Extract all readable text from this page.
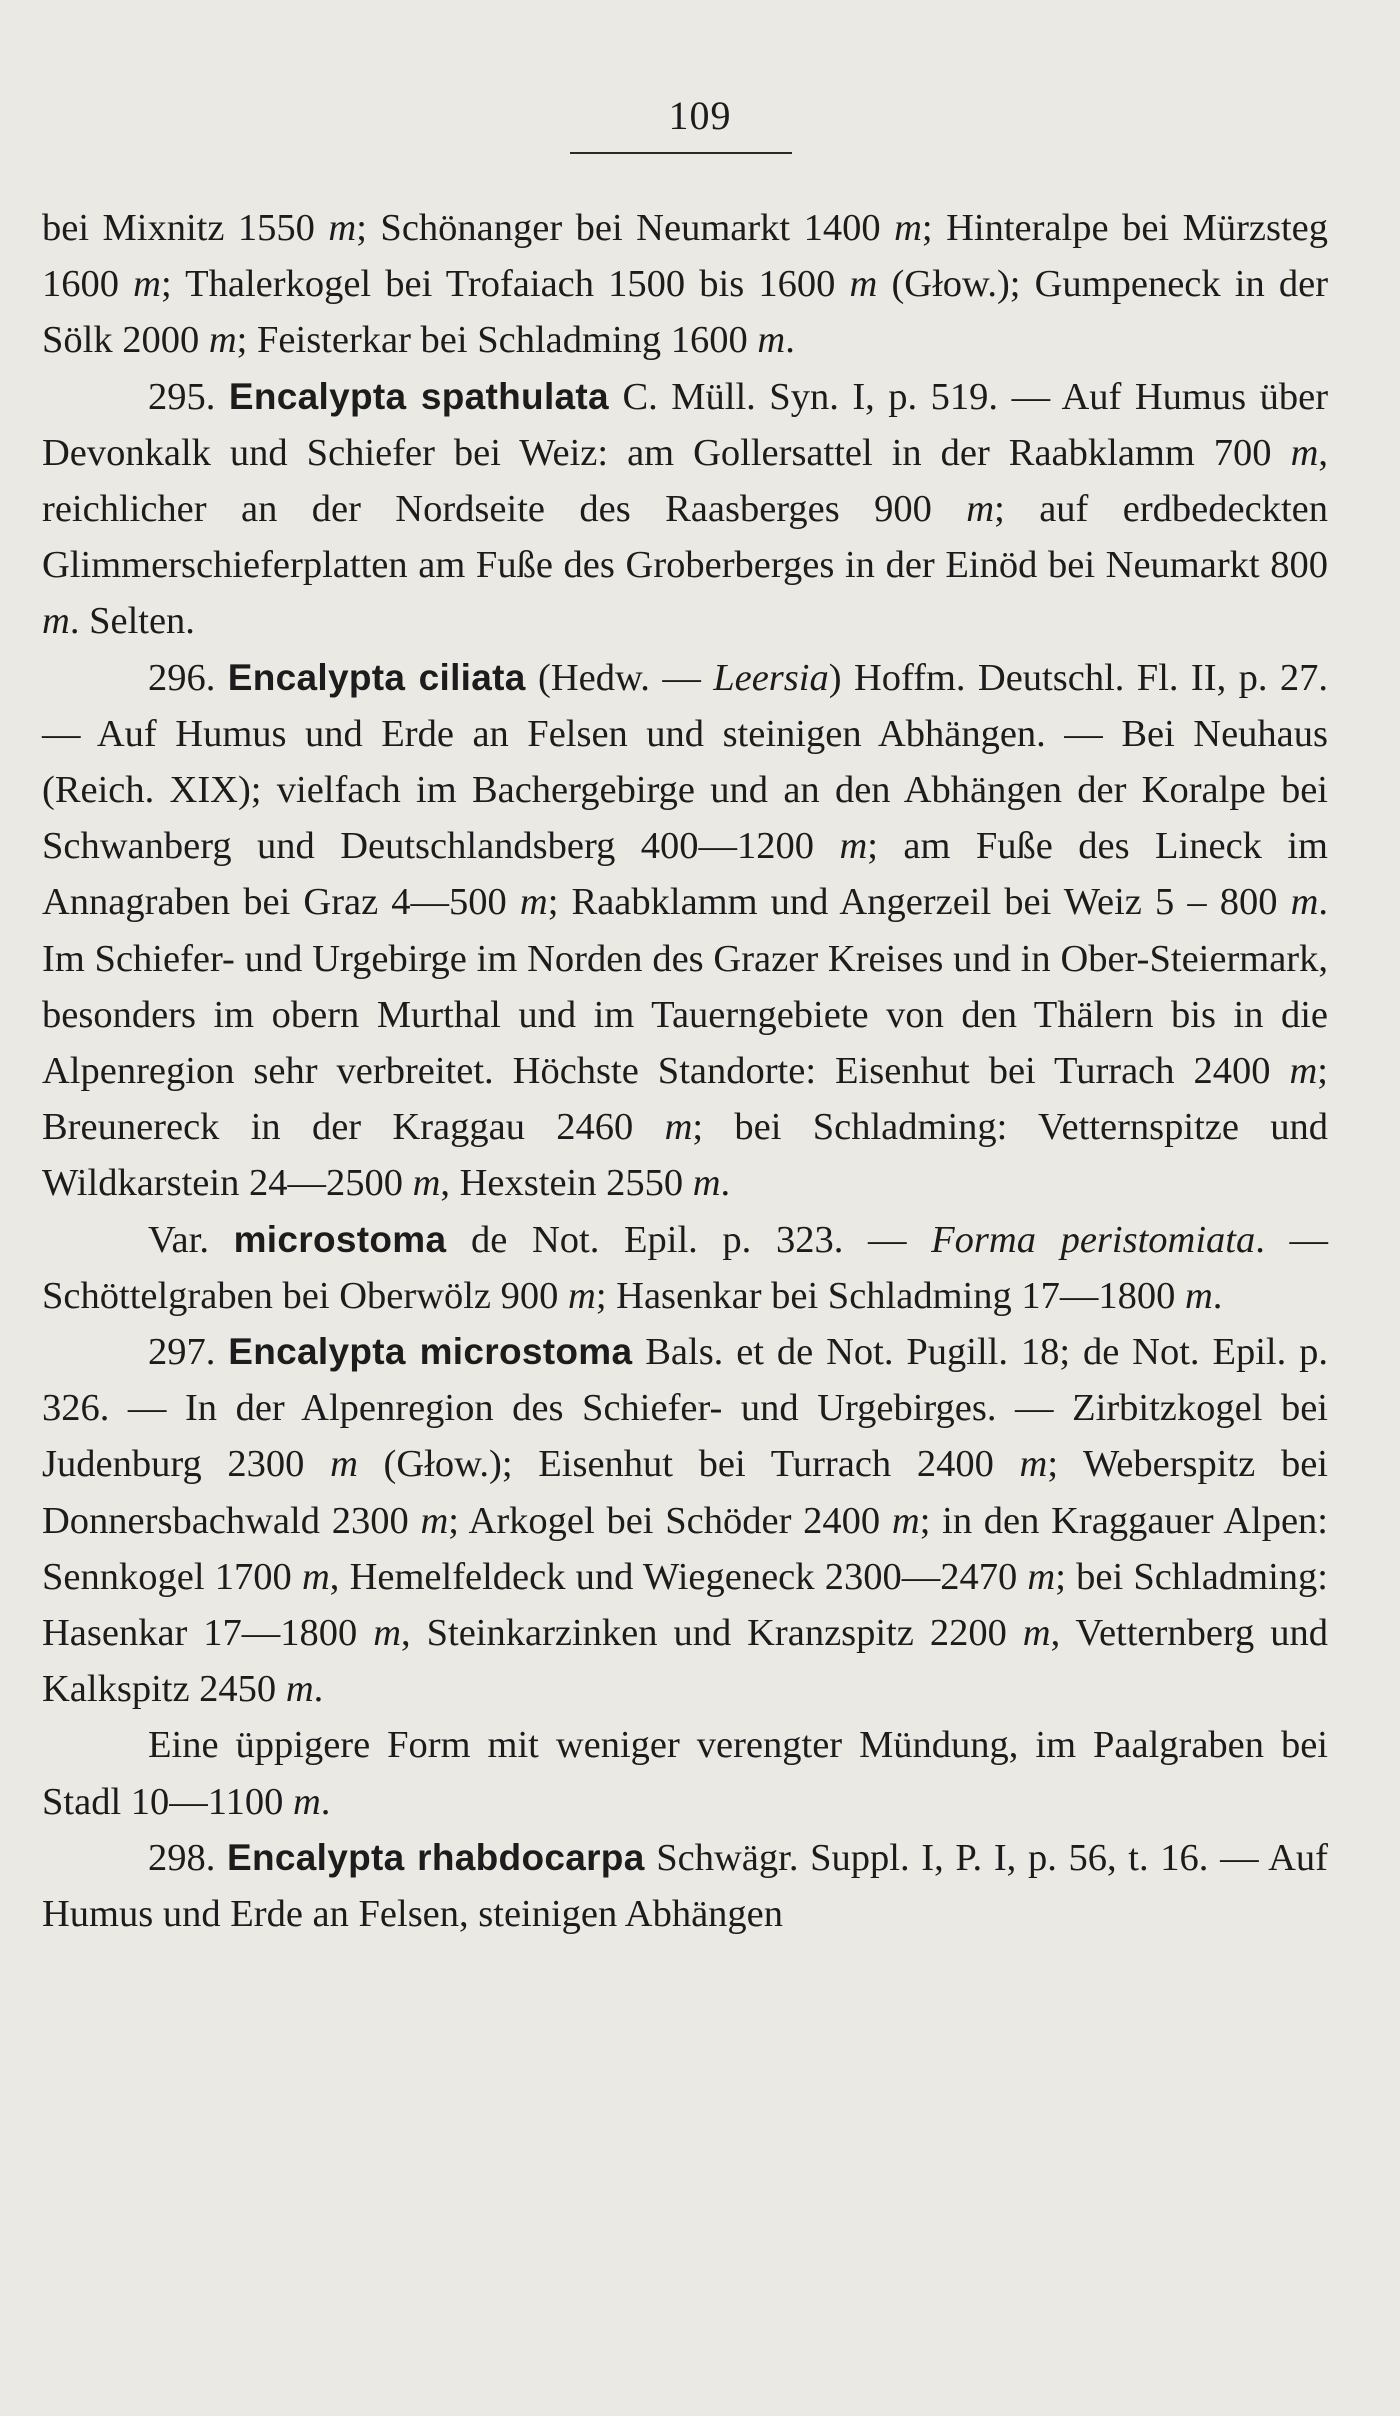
109

bei Mixnitz 1550 m; Schönanger bei Neumarkt 1400 m; Hinteralpe bei Mürzsteg 1600 m; Thalerkogel bei Trofaiach 1500 bis 1600 m (Głow.); Gumpeneck in der Sölk 2000 m; Feisterkar bei Schladming 1600 m.

295. Encalypta spathulata C. Müll. Syn. I, p. 519. — Auf Humus über Devonkalk und Schiefer bei Weiz: am Gollersattel in der Raabklamm 700 m, reichlicher an der Nordseite des Raasberges 900 m; auf erdbedeckten Glimmerschieferplatten am Fuße des Groberberges in der Einöd bei Neumarkt 800 m. Selten.

296. Encalypta ciliata (Hedw. — Leersia) Hoffm. Deutschl. Fl. II, p. 27. — Auf Humus und Erde an Felsen und steinigen Abhängen. — Bei Neuhaus (Reich. XIX); vielfach im Bachergebirge und an den Abhängen der Koralpe bei Schwanberg und Deutschlandsberg 400—1200 m; am Fuße des Lineck im Annagraben bei Graz 4—500 m; Raabklamm und Angerzeil bei Weiz 5 – 800 m. Im Schiefer- und Urgebirge im Norden des Grazer Kreises und in Ober-Steiermark, besonders im obern Murthal und im Tauerngebiete von den Thälern bis in die Alpenregion sehr verbreitet. Höchste Standorte: Eisenhut bei Turrach 2400 m; Breunereck in der Kraggau 2460 m; bei Schladming: Vetternspitze und Wildkarstein 24—2500 m, Hexstein 2550 m.

Var. microstoma de Not. Epil. p. 323. — Forma peristomiata. — Schöttelgraben bei Oberwölz 900 m; Hasenkar bei Schladming 17—1800 m.

297. Encalypta microstoma Bals. et de Not. Pugill. 18; de Not. Epil. p. 326. — In der Alpenregion des Schiefer- und Urgebirges. — Zirbitzkogel bei Judenburg 2300 m (Głow.); Eisenhut bei Turrach 2400 m; Weberspitz bei Donnersbachwald 2300 m; Arkogel bei Schöder 2400 m; in den Kraggauer Alpen: Sennkogel 1700 m, Hemelfeldeck und Wiegeneck 2300—2470 m; bei Schladming: Hasenkar 17—1800 m, Steinkarzinken und Kranzspitz 2200 m, Vetternberg und Kalkspitz 2450 m.

Eine üppigere Form mit weniger verengter Mündung, im Paalgraben bei Stadl 10—1100 m.

298. Encalypta rhabdocarpa Schwägr. Suppl. I, P. I, p. 56, t. 16. — Auf Humus und Erde an Felsen, steinigen Abhängen
